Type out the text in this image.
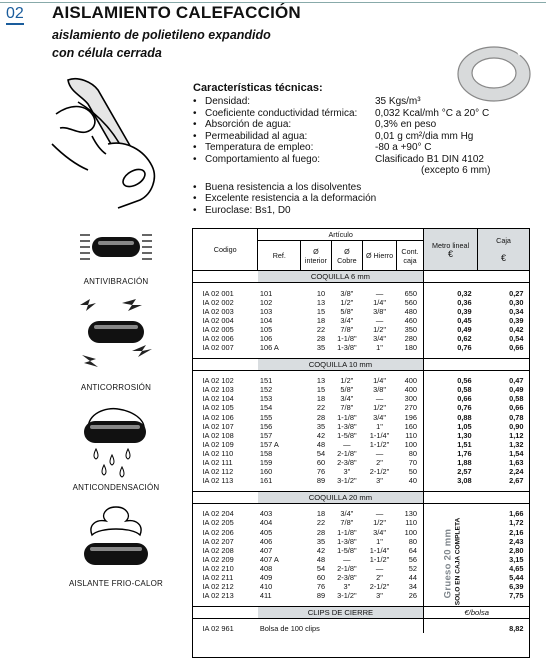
02 AISLAMIENTO CALEFACCIÓN
aislamiento de polietileno expandido
con célula cerrada
Características técnicas:
• Densidad:	35 Kgs/m³
• Coeficiente conductividad térmica: 0,032 Kcal/mh °C a 20° C
• Absorción de agua:	0,3% en peso
• Permeabilidad al agua:	0,01 g cm²/dia mm Hg
• Temperatura de empleo:	-80 a +90° C
• Comportamiento al fuego:	Clasificado B1 DIN 4102
(excepto 6 mm)
• Buena resistencia a los disolventes
• Excelente resistencia a la deformación
• Euroclase: Bs1, D0
ANTIVIBRACIÓN
ANTICORROSIÓN
ANTICONDENSACIÓN
AISLANTE FRIO-CALOR
Codigo	Artículo					Metro lineal
€	Caja

€
	Ref.	Ø interior	Ø Cobre	Ø Hierro	Cont. caja		
	COQUILLA 6 mm						

IA 02 001	101	10	3/8"	—	650	0,32	0,27
IA 02 002	102	13	1/2"	1/4"	560	0,36	0,30
IA 02 003	103	15	5/8"	3/8"	480	0,39	0,34
IA 02 004	104	18	3/4"	—	460	0,45	0,39
IA 02 005	105	22	7/8"	1/2"	350	0,49	0,42
IA 02 006	106	28	1-1/8"	3/4"	280	0,62	0,54
IA 02 007	106 A	35	1-3/8"	1"	180	0,76	0,66

	COQUILLA 10 mm						

IA 02 102	151	13	1/2"	1/4"	400	0,56	0,47
IA 02 103	152	15	5/8"	3/8"	400	0,58	0,49
IA 02 104	153	18	3/4"	—	300	0,66	0,58
IA 02 105	154	22	7/8"	1/2"	270	0,76	0,66
IA 02 106	155	28	1-1/8"	3/4"	196	0,88	0,78
IA 02 107	156	35	1-3/8"	1"	160	1,05	0,90
IA 02 108	157	42	1-5/8"	1-1/4"	110	1,30	1,12
IA 02 109	157 A	48	—	1-1/2"	100	1,51	1,32
IA 02 110	158	54	2-1/8"	—	80	1,76	1,54
IA 02 111	159	60	2-3/8"	2"	70	1,88	1,63
IA 02 112	160	76	3"	2-1/2"	50	2,57	2,24
IA 02 113	161	89	3-1/2"	3"	40	3,08	2,67

	COQUILLA 20 mm						

IA 02 204	403	18	3/4"	—	130		1,66
IA 02 205	404	22	7/8"	1/2"	110		1,72
IA 02 206	405	28	1-1/8"	3/4"	100		2,16
IA 02 207	406	35	1-3/8"	1"	80		2,43
IA 02 208	407	42	1-5/8"	1-1/4"	64		2,80
IA 02 209	407 A	48	—	1-1/2"	56		3,15
IA 02 210	408	54	2-1/8"	—	52		4,65
IA 02 211	409	60	2-3/8"	2"	44		5,44
IA 02 212	410	76	3"	2-1/2"	34		6,39
IA 02 213	411	89	3-1/2"	3"	26		7,75

	CLIPS DE CIERRE					€/bolsa	

IA 02 961	Bolsa de 100 clips					8,82	
Grueso 20 mm SOLO EN CAJA COMPLETA
